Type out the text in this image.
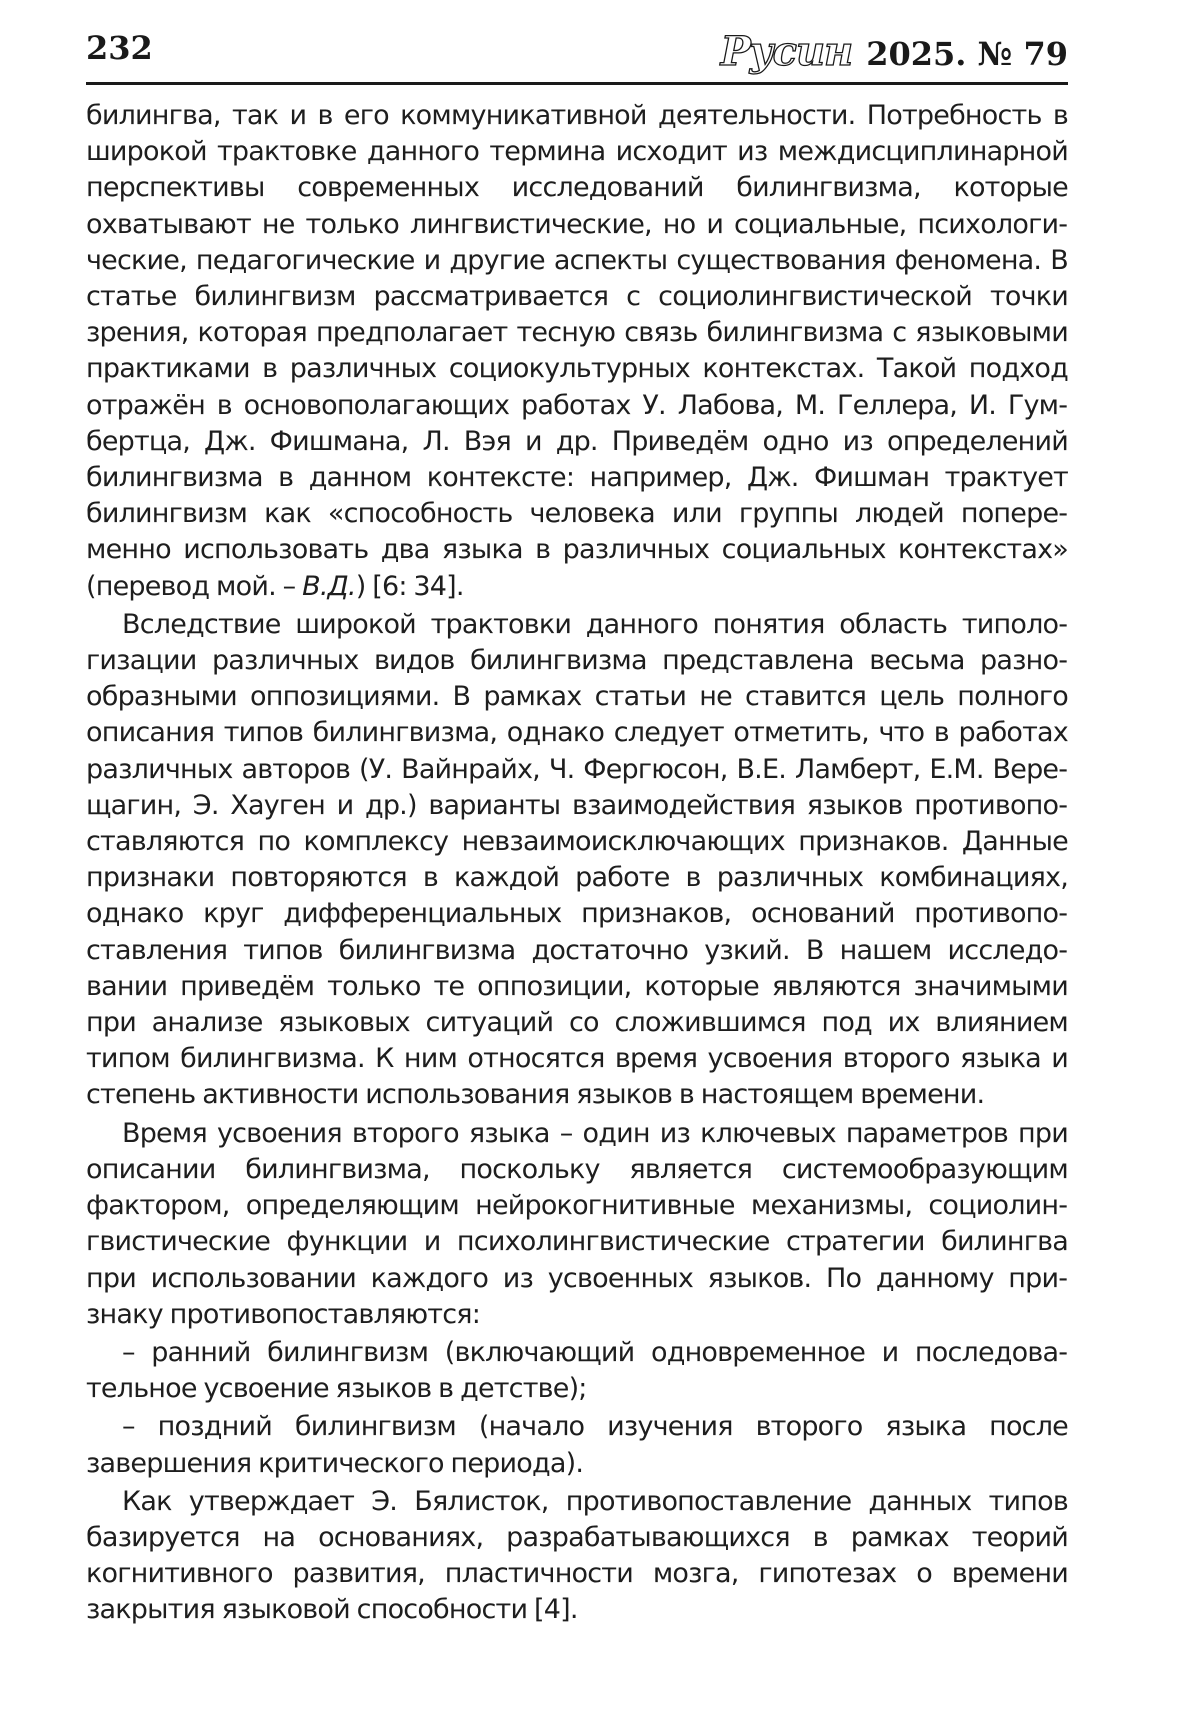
232	Русин 2025. № 79

билингва, так и в его коммуникативной деятельности. Потребность в широкой трактовке данного термина исходит из междисциплинарной перспективы современных исследований билингвизма, которые охватывают не только лингвистические, но и социальные, психологические, педагогические и другие аспекты существования феномена. В статье билингвизм рассматривается с социолингвистической точки зрения, которая предполагает тесную связь билингвизма с языковыми практиками в различных социокультурных контекстах. Такой подход отражён в основополагающих работах У. Лабова, М. Геллера, И. Гумбертца, Дж. Фишмана, Л. Вэя и др. Приведём одно из определений билингвизма в данном контексте: например, Дж. Фишман трактует билингвизм как «способность человека или группы людей попеременно использовать два языка в различных социальных контекстах» (перевод мой. – В.Д.) [6: 34].

Вследствие широкой трактовки данного понятия область типологизации различных видов билингвизма представлена весьма разнообразными оппозициями. В рамках статьи не ставится цель полного описания типов билингвизма, однако следует отметить, что в работах различных авторов (У. Вайнрайх, Ч. Фергюсон, В.Е. Ламберт, Е.М. Верещагин, Э. Хауген и др.) варианты взаимодействия языков противопоставляются по комплексу невзаимоисключающих признаков. Данные признаки повторяются в каждой работе в различных комбинациях, однако круг дифференциальных признаков, оснований противопоставления типов билингвизма достаточно узкий. В нашем исследовании приведём только те оппозиции, которые являются значимыми при анализе языковых ситуаций со сложившимся под их влиянием типом билингвизма. К ним относятся время усвоения второго языка и степень активности использования языков в настоящем времени.

Время усвоения второго языка – один из ключевых параметров при описании билингвизма, поскольку является системообразующим фактором, определяющим нейрокогнитивные механизмы, социолингвистические функции и психолингвистические стратегии билингва при использовании каждого из усвоенных языков. По данному признаку противопоставляются:

– ранний билингвизм (включающий одновременное и последовательное усвоение языков в детстве);

– поздний билингвизм (начало изучения второго языка после завершения критического периода).

Как утверждает Э. Бялисток, противопоставление данных типов базируется на основаниях, разрабатывающихся в рамках теорий когнитивного развития, пластичности мозга, гипотезах о времени закрытия языковой способности [4].
